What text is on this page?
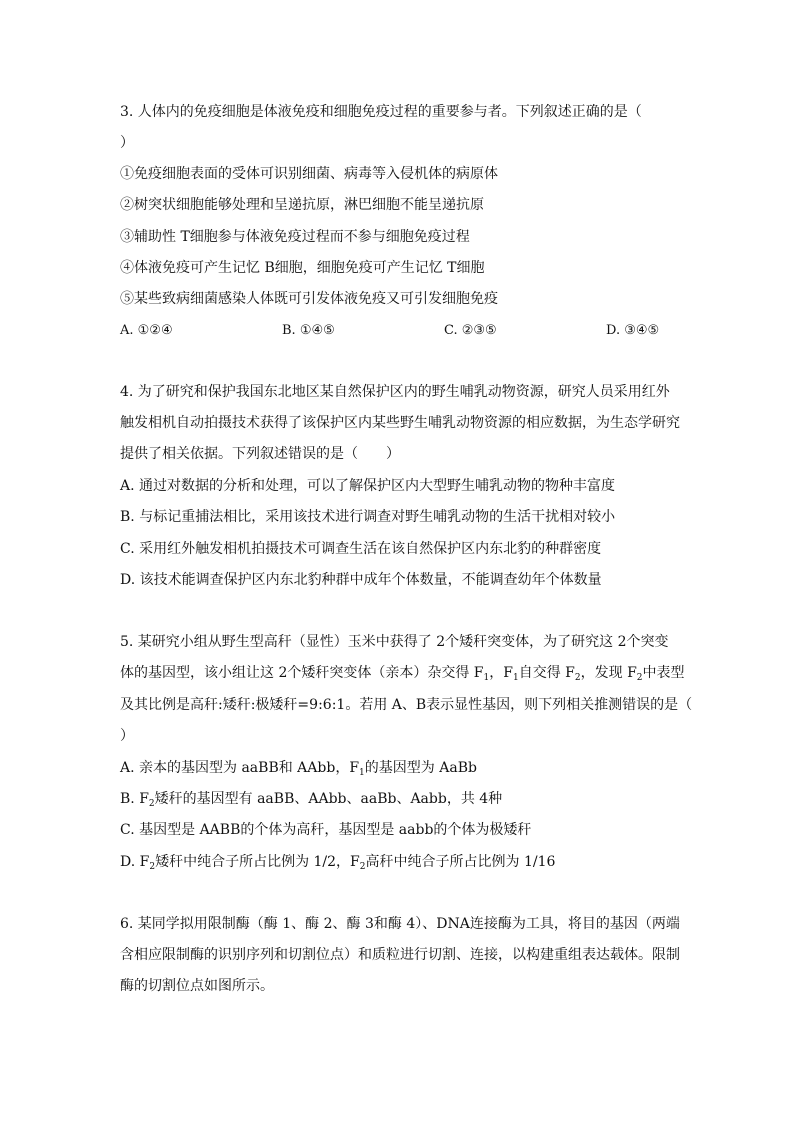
3. 人体内的免疫细胞是体液免疫和细胞免疫过程的重要参与者。下列叙述正确的是（
）
①免疫细胞表面的受体可识别细菌、病毒等入侵机体的病原体
②树突状细胞能够处理和呈递抗原，淋巴细胞不能呈递抗原
③辅助性 T细胞参与体液免疫过程而不参与细胞免疫过程
④体液免疫可产生记忆 B细胞，细胞免疫可产生记忆 T细胞
⑤某些致病细菌感染人体既可引发体液免疫又可引发细胞免疫
A. ①②④	B. ①④⑤	C. ②③⑤	D. ③④⑤
4. 为了研究和保护我国东北地区某自然保护区内的野生哺乳动物资源，研究人员采用红外
触发相机自动拍摄技术获得了该保护区内某些野生哺乳动物资源的相应数据，为生态学研究
提供了相关依据。下列叙述错误的是（　　）
A. 通过对数据的分析和处理，可以了解保护区内大型野生哺乳动物的物种丰富度
B. 与标记重捕法相比，采用该技术进行调查对野生哺乳动物的生活干扰相对较小
C. 采用红外触发相机拍摄技术可调查生活在该自然保护区内东北豹的种群密度
D. 该技术能调查保护区内东北豹种群中成年个体数量，不能调查幼年个体数量
5. 某研究小组从野生型高秆（显性）玉米中获得了 2个矮秆突变体，为了研究这 2个突变
体的基因型，该小组让这 2个矮秆突变体（亲本）杂交得 $F_1$，$F_1$自交得 $F_2$，发现 $F_2$中表型
及其比例是高秆:矮秆:极矮秆=9:6:1。若用 A、B表示显性基因，则下列相关推测错误的是（
）
A. 亲本的基因型为 aaBB和 AAbb，$F_1$的基因型为 AaBb
B. $F_2$矮秆的基因型有 aaBB、AAbb、aaBb、Aabb，共 4种
C. 基因型是 AABB的个体为高秆，基因型是 aabb的个体为极矮秆
D. $F_2$矮秆中纯合子所占比例为 1/2，$F_2$高秆中纯合子所占比例为 1/16
6. 某同学拟用限制酶（酶 1、酶 2、酶 3和酶 4）、DNA连接酶为工具，将目的基因（两端
含相应限制酶的识别序列和切割位点）和质粒进行切割、连接，以构建重组表达载体。限制
酶的切割位点如图所示。
